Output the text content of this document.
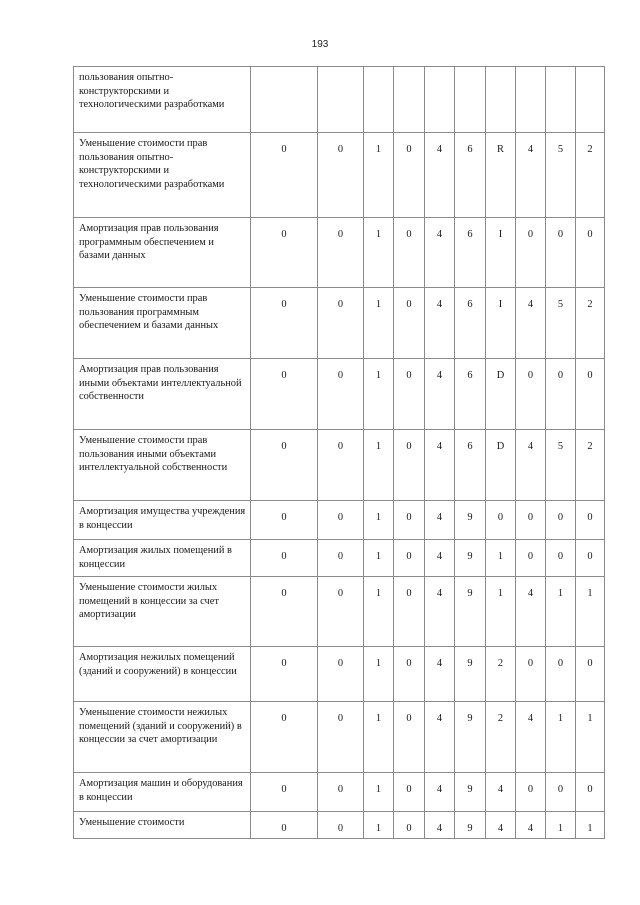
193
пользования опытно-конструкторскими и технологическими разработками										
Уменьшение стоимости прав пользования опытно-конструкторскими и технологическими разработками	0	0	1	0	4	6	R	4	5	2
Амортизация прав пользования программным обеспечением и базами данных	0	0	1	0	4	6	I	0	0	0
Уменьшение стоимости прав пользования программным обеспечением и базами данных	0	0	1	0	4	6	I	4	5	2
Амортизация прав пользования иными объектами интеллектуальной собственности	0	0	1	0	4	6	D	0	0	0
Уменьшение стоимости прав пользования иными объектами интеллектуальной собственности	0	0	1	0	4	6	D	4	5	2
Амортизация имущества учреждения в концессии	0	0	1	0	4	9	0	0	0	0
Амортизация жилых помещений в концессии	0	0	1	0	4	9	1	0	0	0
Уменьшение стоимости жилых помещений в концессии за счет амортизации	0	0	1	0	4	9	1	4	1	1
Амортизация нежилых помещений (зданий и сооружений) в концессии	0	0	1	0	4	9	2	0	0	0
Уменьшение стоимости нежилых помещений (зданий и сооружений) в концессии за счет амортизации	0	0	1	0	4	9	2	4	1	1
Амортизация машин и оборудования в концессии	0	0	1	0	4	9	4	0	0	0
Уменьшение стоимости	0	0	1	0	4	9	4	4	1	1
